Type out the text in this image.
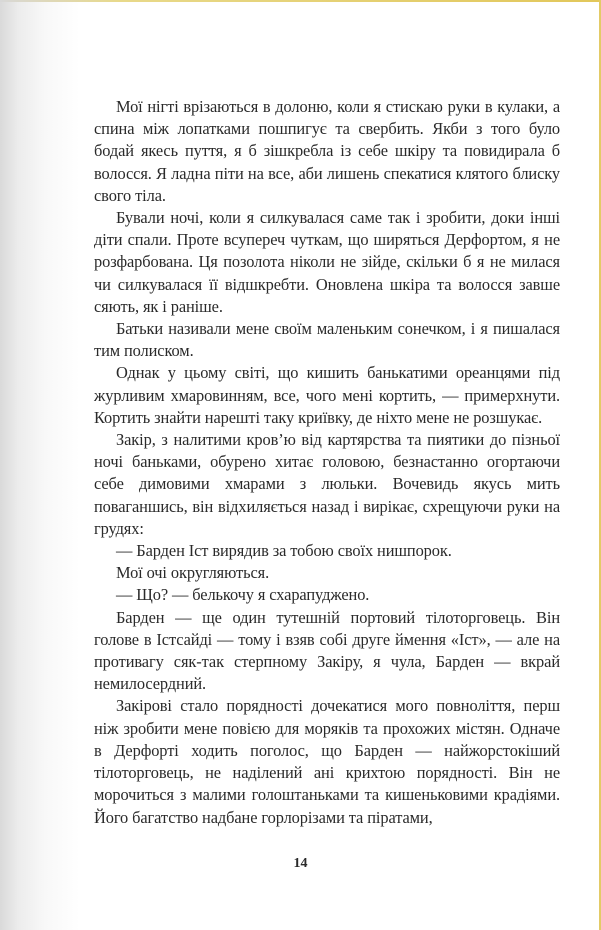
Мої нігті врізаються в долоню, коли я стискаю руки в кулаки, а спина між лопатками пошпигує та свербить. Якби з того було бодай якесь пуття, я б зішкребла із себе шкіру та повидирала б волосся. Я ладна піти на все, аби лишень спекатися клятого блиску свого тіла.

Бували ночі, коли я силкувалася саме так і зробити, доки інші діти спали. Проте всупереч чуткам, що ширяться Дерфортом, я не розфарбована. Ця позолота ніколи не зійде, скільки б я не милася чи силкувалася її відшкребти. Оновлена шкіра та волосся завше сяють, як і раніше.

Батьки називали мене своїм маленьким сонечком, і я пишалася тим полиском.

Однак у цьому світі, що кишить банькатими ореанцями під журливим хмаровинням, все, чого мені кортить, — примерхнути. Кортить знайти нарешті таку криївку, де ніхто мене не розшукає.

Закір, з налитими кров’ю від картярства та пиятики до пізньої ночі баньками, обурено хитає головою, безнастанно огортаючи себе димовими хмарами з люльки. Вочевидь якусь мить поваганшись, він відхиляється назад і вирікає, схрещуючи руки на грудях:

— Барден Іст вирядив за тобою своїх нишпорок.

Мої очі округляються.

— Що? — белькочу я схарапуджено.

Барден — ще один тутешній портовий тілоторговець. Він голове в Істсайді — тому і взяв собі друге ймення «Іст», — але на противагу сяк-так стерпному Закіру, я чула, Барден — вкрай немилосердний.

Закірові стало порядності дочекатися мого повноліття, перш ніж зробити мене повією для моряків та прохожих містян. Одначе в Дерфорті ходить поголос, що Барден — найжорстокіший тілоторговець, не наділений ані крихтою порядності. Він не морочиться з малими голоштаньками та кишеньковими крадіями. Його багатство надбане горлорізами та піратами,

14
